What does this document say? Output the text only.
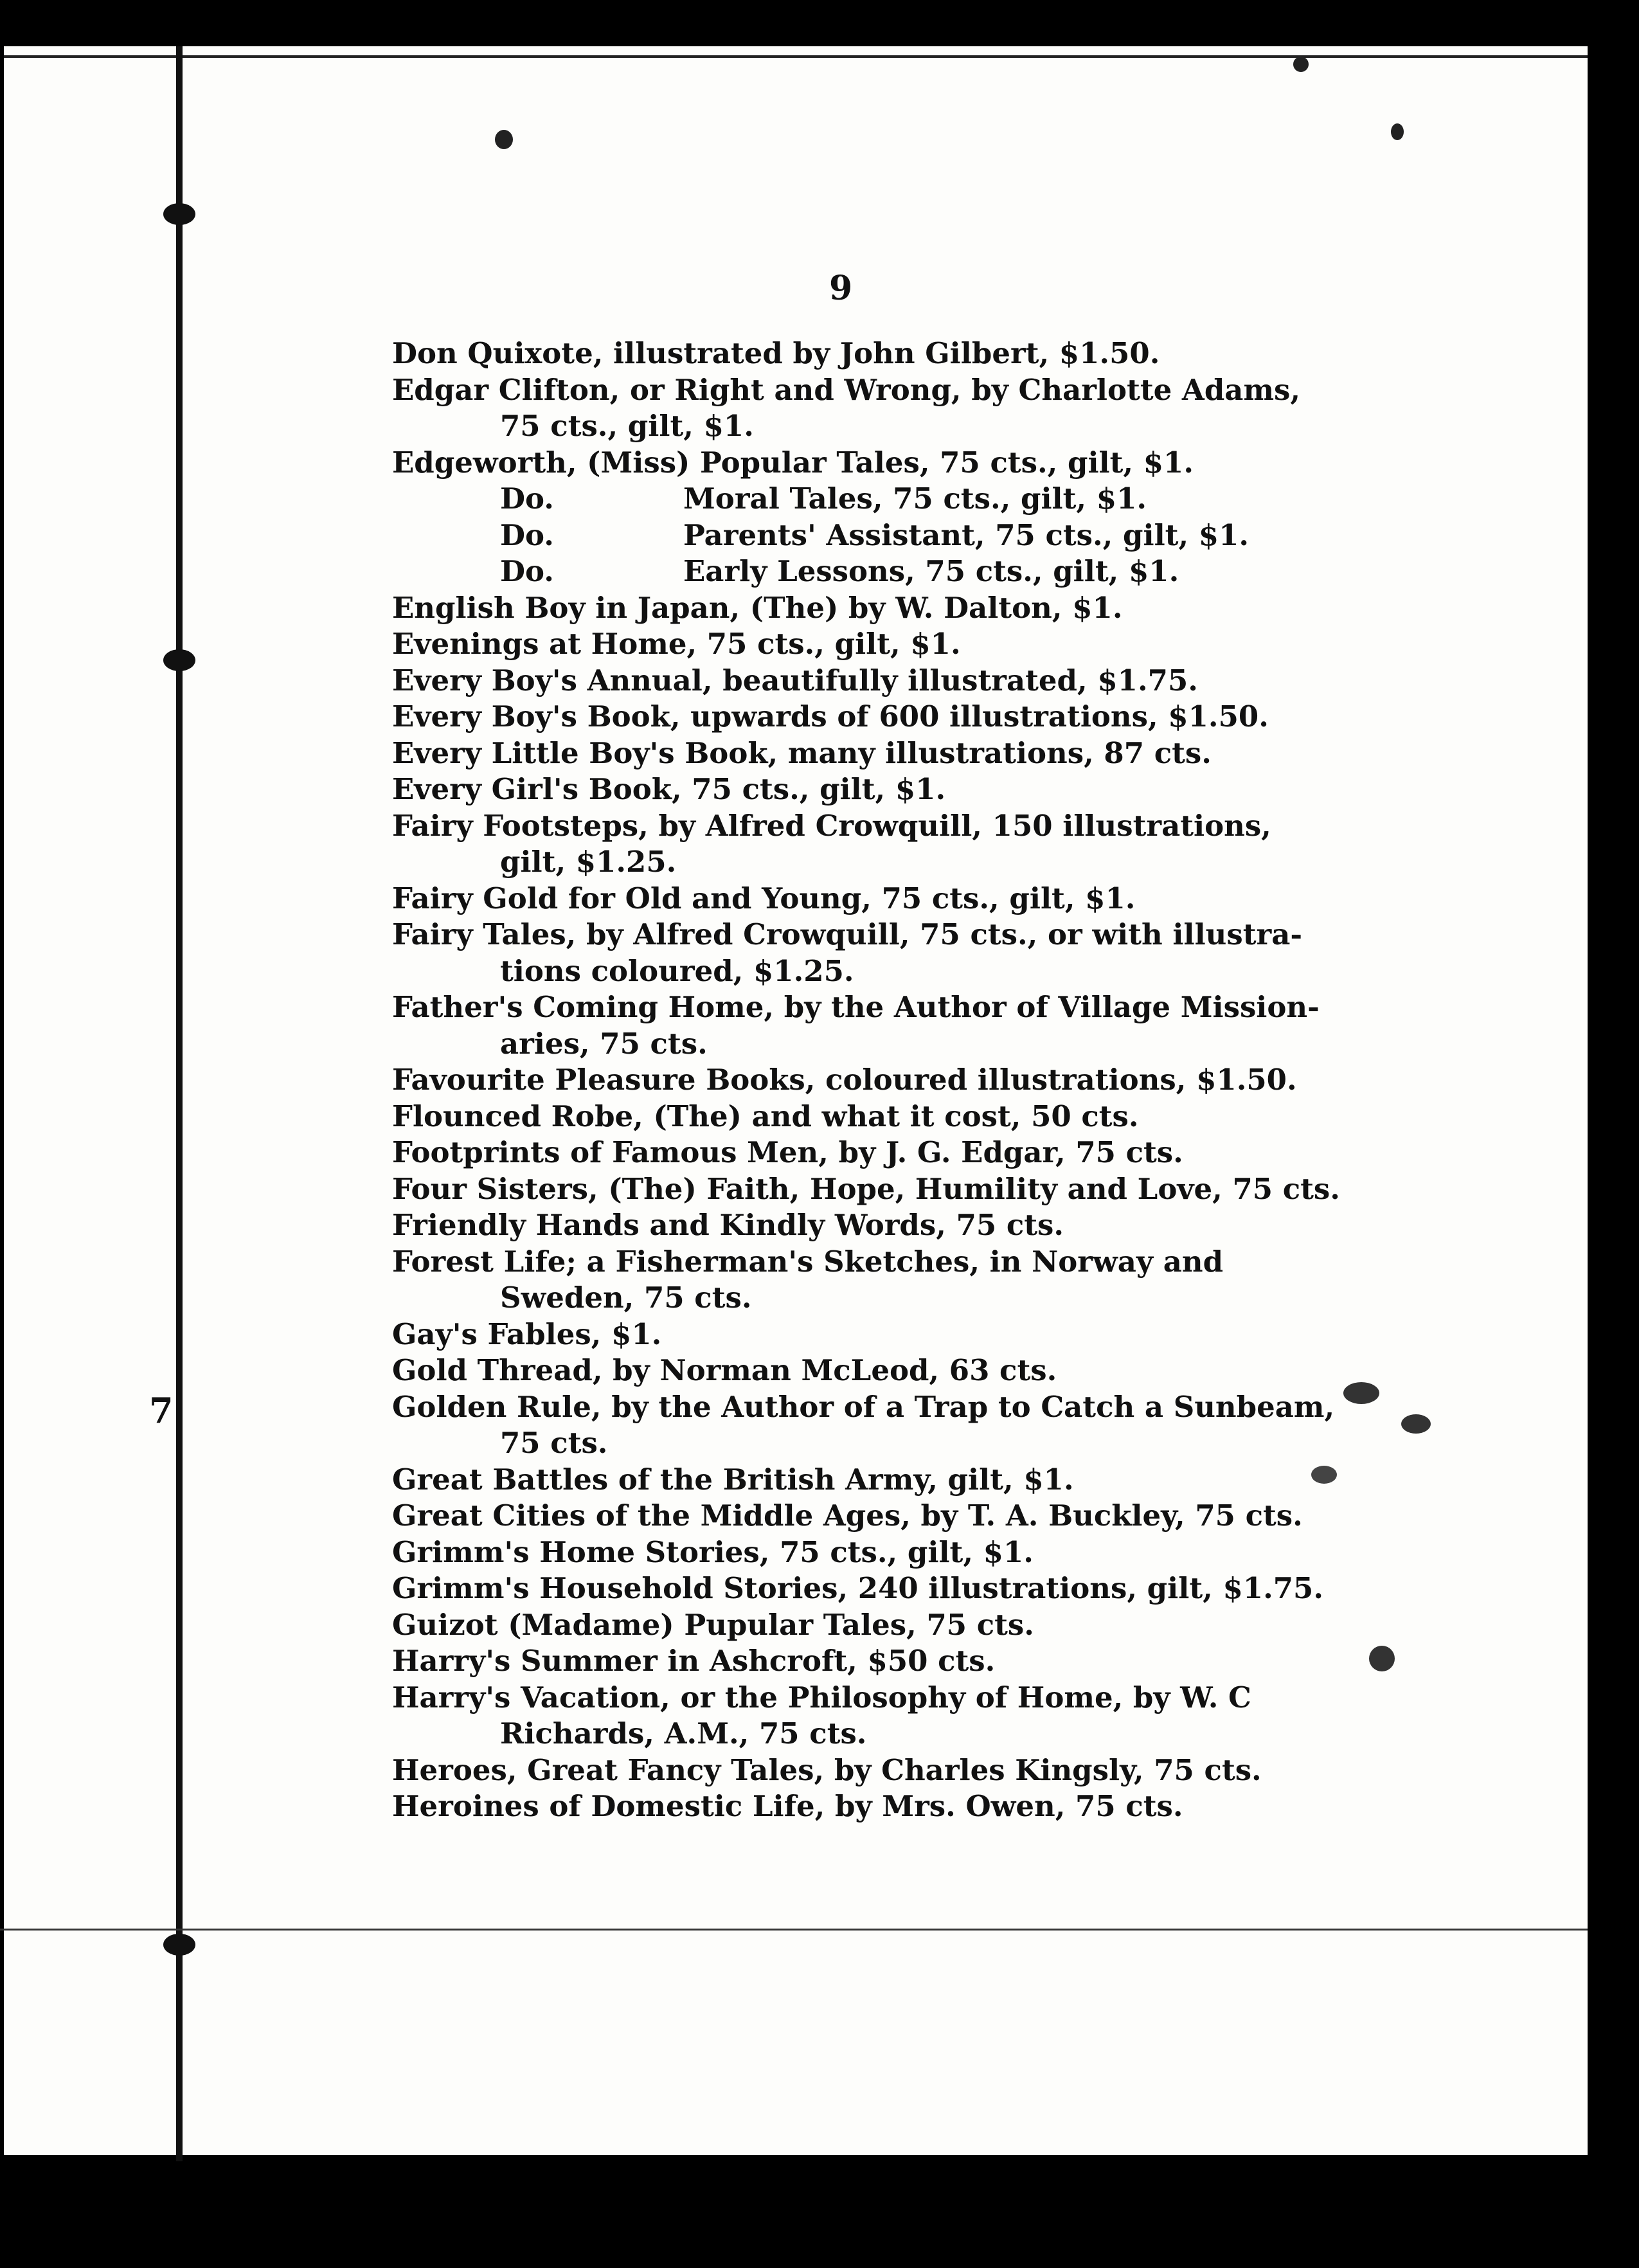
7
9
Don Quixote, illustrated by John Gilbert, $1.50.
Edgar Clifton, or Right and Wrong, by Charlotte Adams,
75 cts., gilt, $1.
Edgeworth, (Miss) Popular Tales, 75 cts., gilt, $1.
Do.	Moral Tales, 75 cts., gilt, $1.
Do.	Parents' Assistant, 75 cts., gilt, $1.
Do.	Early Lessons, 75 cts., gilt, $1.
English Boy in Japan, (The) by W. Dalton, $1.
Evenings at Home, 75 cts., gilt, $1.
Every Boy's Annual, beautifully illustrated, $1.75.
Every Boy's Book, upwards of 600 illustrations, $1.50.
Every Little Boy's Book, many illustrations, 87 cts.
Every Girl's Book, 75 cts., gilt, $1.
Fairy Footsteps, by Alfred Crowquill, 150 illustrations,
gilt, $1.25.
Fairy Gold for Old and Young, 75 cts., gilt, $1.
Fairy Tales, by Alfred Crowquill, 75 cts., or with illustra-
tions coloured, $1.25.
Father's Coming Home, by the Author of Village Mission-
aries, 75 cts.
Favourite Pleasure Books, coloured illustrations, $1.50.
Flounced Robe, (The) and what it cost, 50 cts.
Footprints of Famous Men, by J. G. Edgar, 75 cts.
Four Sisters, (The) Faith, Hope, Humility and Love, 75 cts.
Friendly Hands and Kindly Words, 75 cts.
Forest Life; a Fisherman's Sketches, in Norway and
Sweden, 75 cts.
Gay's Fables, $1.
Gold Thread, by Norman McLeod, 63 cts.
Golden Rule, by the Author of a Trap to Catch a Sunbeam,
75 cts.
Great Battles of the British Army, gilt, $1.
Great Cities of the Middle Ages, by T. A. Buckley, 75 cts.
Grimm's Home Stories, 75 cts., gilt, $1.
Grimm's Household Stories, 240 illustrations, gilt, $1.75.
Guizot (Madame) Pupular Tales, 75 cts.
Harry's Summer in Ashcroft, $50 cts.
Harry's Vacation, or the Philosophy of Home, by W. C
Richards, A.M., 75 cts.
Heroes, Great Fancy Tales, by Charles Kingsly, 75 cts.
Heroines of Domestic Life, by Mrs. Owen, 75 cts.
